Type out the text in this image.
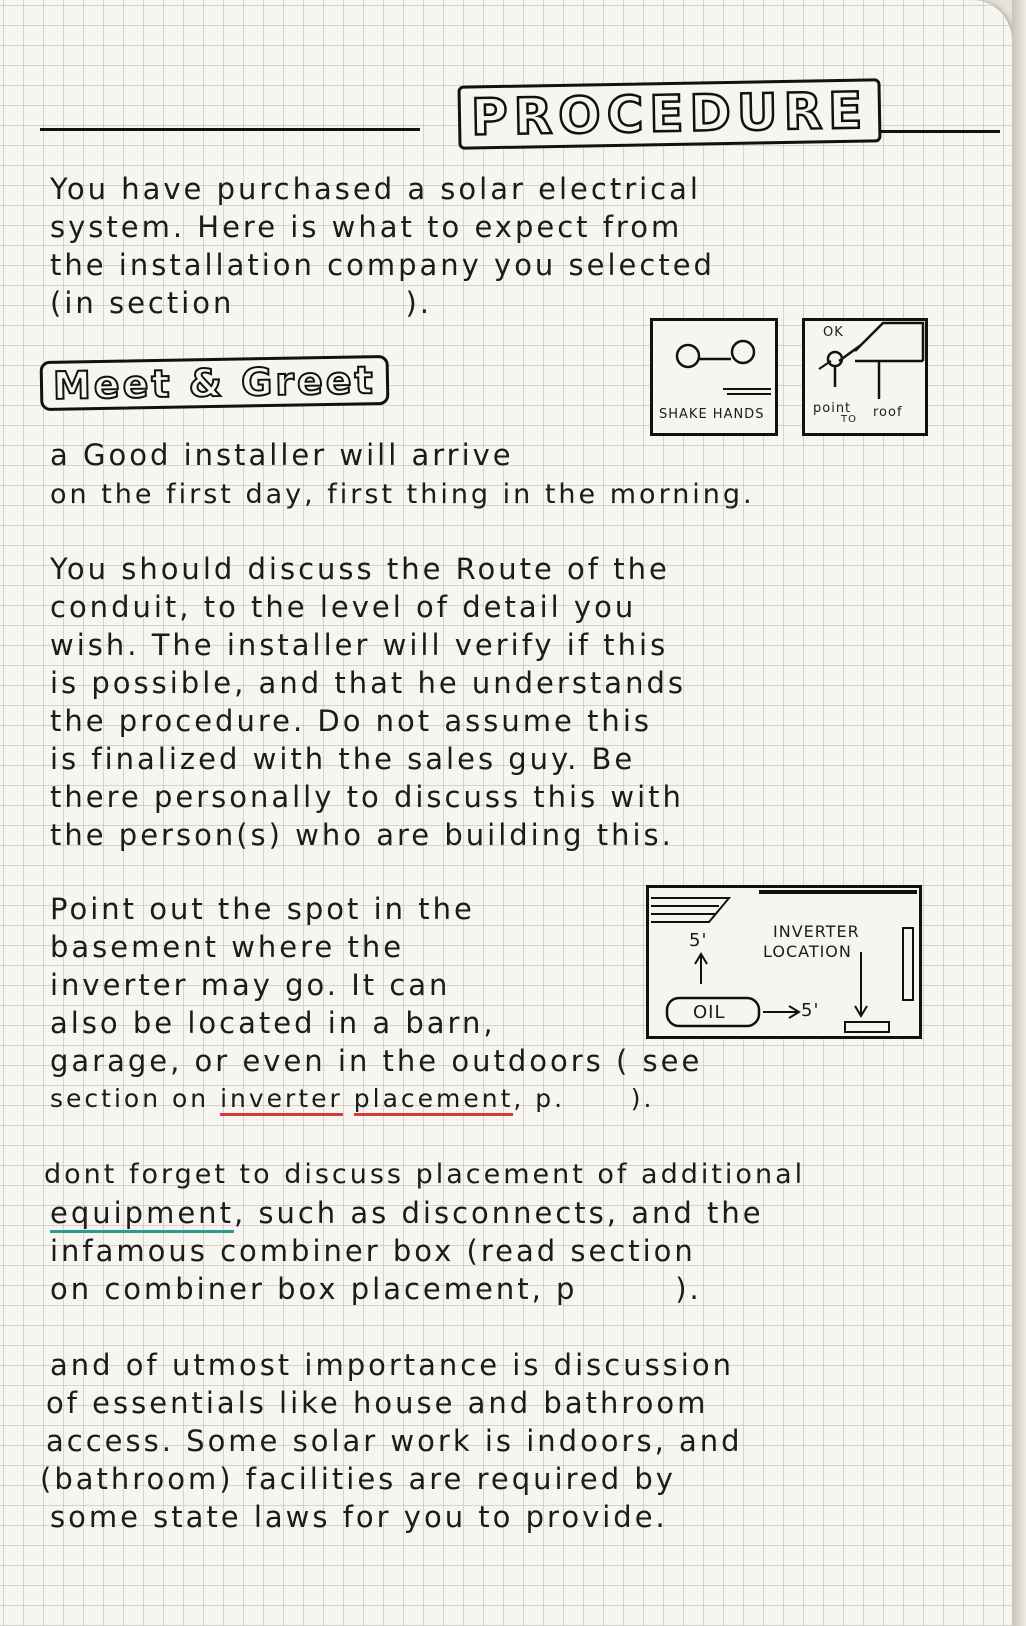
PROCEDURE
You have purchased a solar electrical
system. Here is what to expect from
the installation company you selected
(in section              ).
Meet & Greet
SHAKE HANDS
OK
point
TO roof
a Good installer will arrive
on the first day, first thing in the morning.
You should discuss the Route of the
conduit, to the level of detail you
wish. The installer will verify if this
is possible, and that he understands
the procedure. Do not assume this
is finalized with the sales guy. Be
there personally to discuss this with
the person(s) who are building this.
Point out the spot in the
basement where the
inverter may go. It can
also be located in a barn,
garage, or even in the outdoors ( see
section on inverter placement, p.      ).
INVERTER
LOCATION
5'
5'
OIL
dont forget to discuss placement of additional
equipment, such as disconnects, and the
infamous combiner box (read section
on combiner box placement, p        ).
and of utmost importance is discussion
of essentials like house and bathroom
access. Some solar work is indoors, and
(bathroom) facilities are required by
some state laws for you to provide.
